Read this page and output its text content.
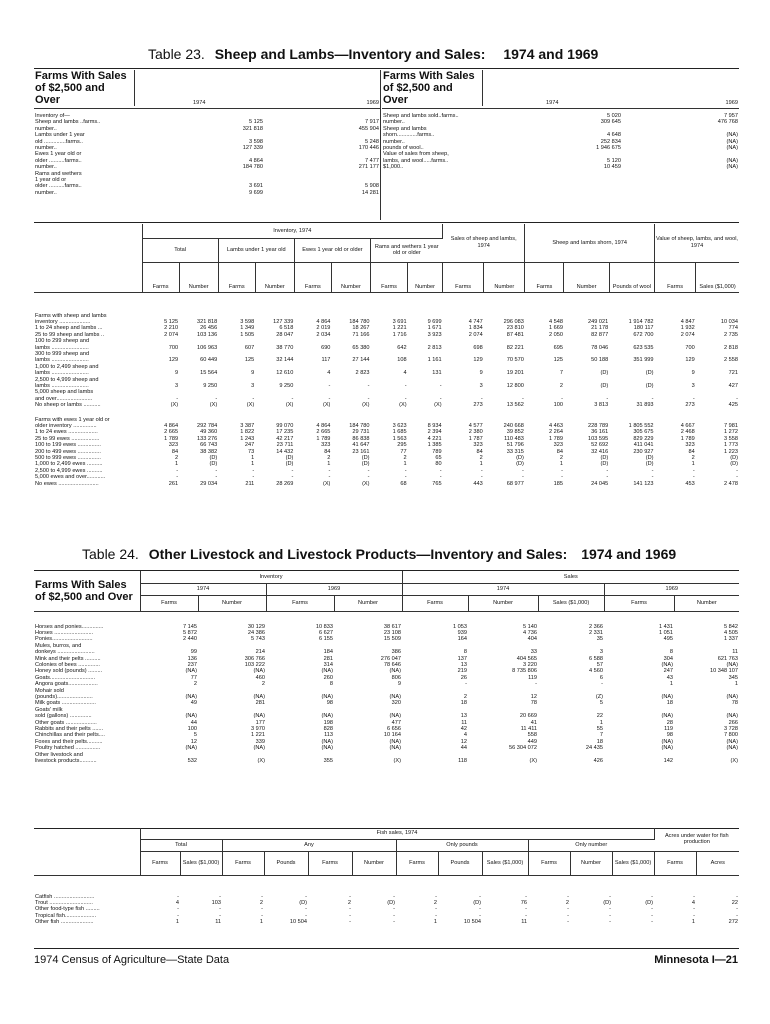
Table 23. Sheep and Lambs—Inventory and Sales: 1974 and 1969
Farms With Sales of $2,500 and Over	1974	1969
Inventory of—		
Sheep and lambs ..farms..	5 125	7 917
number..	321 818	455 904
Lambs under 1 year		
old ..............farms..	3 598	5 248
number..	127 339	170 446
Ewes 1 year old or		
older ..........farms..	4 864	7 477
number..	184 780	271 177
Rams and wethers		
1 year old or		
older ..........farms..	3 691	5 908
number..	9 699	14 281
Farms With Sales of $2,500 and Over	1974	1969
Sheep and lambs sold..farms..	5 020	7 957
number..	309 645	476 768

Sheep and lambs		
shorn.............farms..	4 648	(NA)
number..	252 834	(NA)
pounds of wool..	1 946 675	(NA)

Value of sales from sheep,		
lambs, and wool.....farms..	5 120	(NA)
$1,000..	10 459	(NA)
	Inventory, 1974								Sales of sheep and lambs, 1974		Sheep and lambs shorn, 1974			Value of sheep, lambs, and wool, 1974	
	Total		Lambs under 1 year old		Ewes 1 year old or older		Rams and wethers 1 year old or older								
	Farms	Number	Farms	Number	Farms	Number	Farms	Number	Farms	Number	Farms	Number	Pounds of wool	Farms	Sales ($1,000)
Farms with sheep and lambs															
inventory ....................	5 125	321 818	3 598	127 339	4 864	184 780	3 691	9 699	4 747	296 083	4 548	249 021	1 914 782	4 847	10 034
1 to 24 sheep and lambs ...	2 210	26 456	1 349	6 518	2 019	18 267	1 221	1 671	1 834	23 810	1 669	21 178	180 117	1 932	774
25 to 99 sheep and lambs ..	2 074	103 136	1 505	28 047	2 034	71 166	1 716	3 923	2 074	87 481	2 050	82 877	672 700	2 074	2 735
100 to 299 sheep and															
lambs ........................	700	106 963	607	38 770	690	65 380	642	2 813	698	82 221	695	78 046	623 535	700	2 818
300 to 999 sheep and															
lambs ........................	129	60 449	125	32 144	117	27 144	108	1 161	129	70 570	125	50 188	351 999	129	2 558
1,000 to 2,499 sheep and															
lambs ........................	9	15 564	9	12 610	4	2 823	4	131	9	19 201	7	(D)	(D)	9	721
2,500 to 4,999 sheep and															
lambs ........................	3	9 250	3	9 250	-	-	-	-	3	12 800	2	(D)	(D)	3	427
5,000 sheep and lambs															
and over.......................	-	-	-	-	-	-	-	-	-	-	-	-	-	-	-
No sheep or lambs ...........	(X)	(X)	(X)	(X)	(X)	(X)	(X)	(X)	273	13 562	100	3 813	31 893	273	425
Farms with ewes 1 year old or															
older inventory ...............	4 864	292 784	3 387	99 070	4 864	184 780	3 623	8 934	4 577	240 668	4 463	228 789	1 805 552	4 667	7 981
1 to 24 ewes ...................	2 665	49 360	1 822	17 235	2 665	29 731	1 685	2 394	2 380	39 852	2 264	36 161	305 675	2 468	1 272
25 to 99 ewes ..................	1 789	133 276	1 243	42 217	1 789	86 838	1 563	4 221	1 787	110 483	1 789	103 595	829 229	1 789	3 558
100 to 199 ewes ...............	323	66 743	247	23 711	323	41 647	295	1 385	323	51 796	323	52 692	411 041	323	1 773
200 to 499 ewes ...............	84	38 382	73	14 432	84	23 161	77	789	84	33 315	84	32 416	230 927	84	1 223
500 to 999 ewes ...............	2	(D)	1	(D)	2	(D)	2	65	2	(D)	2	(D)	(D)	2	(D)
1,000 to 2,499 ewes ..........	1	(D)	1	(D)	1	(D)	1	80	1	(D)	1	(D)	(D)	1	(D)
2,500 to 4,999 ewes ..........	-	-	-	-	-	-	-	-	-	-	-	-	-	-	-
5,000 ewes and over............	-	-	-	-	-	-	-	-	-	-	-	-	-	-	-
No ewes ..........................	261	29 034	211	28 269	(X)	(X)	68	765	443	68 977	185	24 045	141 123	453	2 478
Table 24. Other Livestock and Livestock Products—Inventory and Sales: 1974 and 1969
Farms With Sales of $2,500 and Over	Inventory				Sales				
	1974		1969		1974			1969	
	Farms	Number	Farms	Number	Farms	Number	Sales ($1,000)	Farms	Number
Horses and ponies..............	7 145	30 129	10 833	38 617	1 053	5 140	2 366	1 431	5 842
Horses .........................	5 872	24 386	6 627	23 108	939	4 736	2 331	1 051	4 505
Ponies..........................	2 440	5 743	6 155	15 509	164	404	35	495	1 337
Mules, burros, and									
donkeys ........................	99	214	184	386	8	33	3	8	11
Mink and their pelts ..........	136	306 766	281	276 047	137	404 565	6 588	304	621 763
Colonies of bees ..............	237	103 222	314	78 646	13	3 220	57	(NA)	(NA)

Honey sold (pounds) .........	(NA)	(NA)	(NA)	(NA)	219	8 735 806	4 560	247	10 348 107
Goats.............................	77	460	260	806	26	119	6	43	345
Angora goats...................	2	2	8	9	-	-	-	1	1
Mohair sold									
(pounds).......................	(NA)	(NA)	(NA)	(NA)	2	12	(Z)	(NA)	(NA)
Milk goats ......................	49	281	98	320	18	78	5	18	78
Goats' milk									
sold (gallons) ..............	(NA)	(NA)	(NA)	(NA)	13	20 669	22	(NA)	(NA)
Other goats ....................	44	177	198	477	11	41	1	28	266

Rabbits and their pelts .......	100	3 970	828	6 656	42	11 411	55	119	3 728
Chinchillas and their pelts....	5	1 221	113	10 164	4	558	7	98	7 800
Foxes and their pelts..........	12	339	(NA)	(NA)	12	449	18	(NA)	(NA)
Poultry hatched ................	(NA)	(NA)	(NA)	(NA)	44	56 304 072	24 435	(NA)	(NA)
Other livestock and									
livestock products...........	532	(X)	355	(X)	118	(X)	426	142	(X)
	Fish sales, 1974												Acres under water for fish production	
	Total		Any				Only pounds			Only number				
	Farms	Sales ($1,000)	Farms	Pounds	Farms	Number	Farms	Pounds	Sales ($1,000)	Farms	Number	Sales ($1,000)	Farms	Acres
Catfish ..........................	-	-	-	-	-	-	-	-	-	-	-	-	-	-
Trout ............................	4	103	2	(D)	2	(D)	2	(D)	76	2	(D)	(D)	4	22
Other food-type fish .........	-	-	-	-	-	-	-	-	-	-	-	-	-	-
Tropical fish....................	-	-	-	-	-	-	-	-	-	-	-	-	-	-
Other fish .....................	1	11	1	10 504	-	-	1	10 504	11	-	-	-	1	272
1974 Census of Agriculture—State Data	Minnesota I—21
